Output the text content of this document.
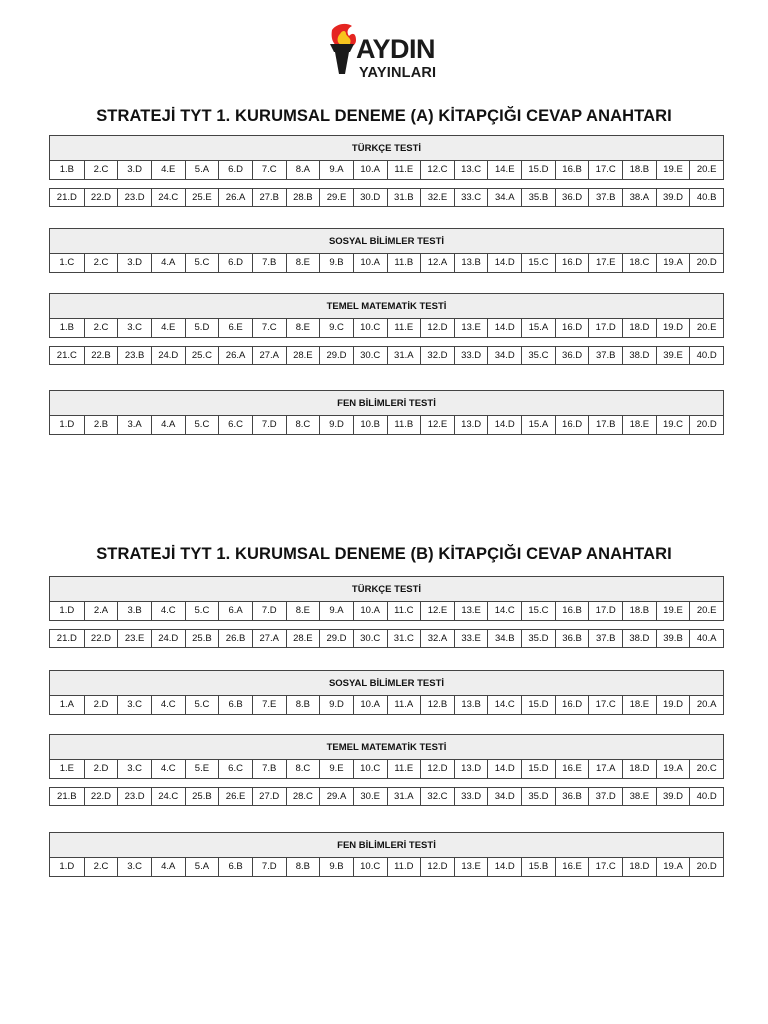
AYDIN
YAYINLARI
STRATEJİ TYT 1. KURUMSAL DENEME (A) KİTAPÇIĞI CEVAP ANAHTARI
STRATEJİ TYT 1. KURUMSAL DENEME (B) KİTAPÇIĞI CEVAP ANAHTARI
TÜRKÇE TESTİ
1.B	2.C	3.D	4.E	5.A	6.D	7.C	8.A	9.A	10.A	11.E	12.C	13.C	14.E	15.D	16.B	17.C	18.B	19.E	20.E
21.D	22.D	23.D	24.C	25.E	26.A	27.B	28.B	29.E	30.D	31.B	32.E	33.C	34.A	35.B	36.D	37.B	38.A	39.D	40.B
SOSYAL BİLİMLER TESTİ
1.C	2.C	3.D	4.A	5.C	6.D	7.B	8.E	9.B	10.A	11.B	12.A	13.B	14.D	15.C	16.D	17.E	18.C	19.A	20.D
TEMEL MATEMATİK TESTİ
1.B	2.C	3.C	4.E	5.D	6.E	7.C	8.E	9.C	10.C	11.E	12.D	13.E	14.D	15.A	16.D	17.D	18.D	19.D	20.E
21.C	22.B	23.B	24.D	25.C	26.A	27.A	28.E	29.D	30.C	31.A	32.D	33.D	34.D	35.C	36.D	37.B	38.D	39.E	40.D
FEN BİLİMLERİ TESTİ
1.D	2.B	3.A	4.A	5.C	6.C	7.D	8.C	9.D	10.B	11.B	12.E	13.D	14.D	15.A	16.D	17.B	18.E	19.C	20.D
TÜRKÇE TESTİ
1.D	2.A	3.B	4.C	5.C	6.A	7.D	8.E	9.A	10.A	11.C	12.E	13.E	14.C	15.C	16.B	17.D	18.B	19.E	20.E
21.D	22.D	23.E	24.D	25.B	26.B	27.A	28.E	29.D	30.C	31.C	32.A	33.E	34.B	35.D	36.B	37.B	38.D	39.B	40.A
SOSYAL BİLİMLER TESTİ
1.A	2.D	3.C	4.C	5.C	6.B	7.E	8.B	9.D	10.A	11.A	12.B	13.B	14.C	15.D	16.D	17.C	18.E	19.D	20.A
TEMEL MATEMATİK TESTİ
1.E	2.D	3.C	4.C	5.E	6.C	7.B	8.C	9.E	10.C	11.E	12.D	13.D	14.D	15.D	16.E	17.A	18.D	19.A	20.C
21.B	22.D	23.D	24.C	25.B	26.E	27.D	28.C	29.A	30.E	31.A	32.C	33.D	34.D	35.D	36.B	37.D	38.E	39.D	40.D
FEN BİLİMLERİ TESTİ
1.D	2.C	3.C	4.A	5.A	6.B	7.D	8.B	9.B	10.C	11.D	12.D	13.E	14.D	15.B	16.E	17.C	18.D	19.A	20.D
